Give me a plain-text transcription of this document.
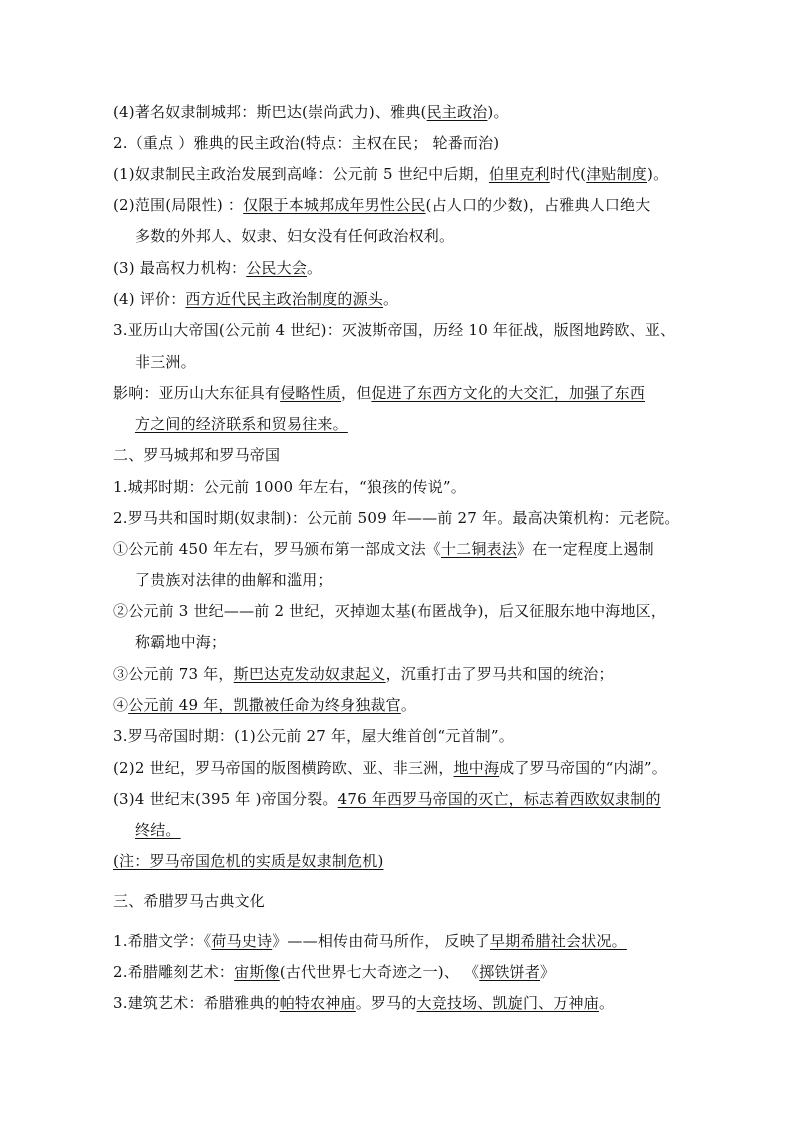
(4)著名奴隶制城邦：斯巴达(崇尚武力)、雅典(民主政治)。
2.（重点 ）雅典的民主政治(特点：主权在民； 轮番而治)
(1)奴隶制民主政治发展到高峰：公元前 5 世纪中后期，伯里克利时代(津贴制度)。
(2)范围(局限性) ：仅限于本城邦成年男性公民(占人口的少数)，占雅典人口绝大
多数的外邦人、奴隶、妇女没有任何政治权利。
(3) 最高权力机构：公民大会。
(4) 评价：西方近代民主政治制度的源头。
3.亚历山大帝国(公元前 4 世纪)：灭波斯帝国，历经 10 年征战，版图地跨欧、亚、
非三洲。
影响：亚历山大东征具有侵略性质，但促进了东西方文化的大交汇，加强了东西
方之间的经济联系和贸易往来。
二、罗马城邦和罗马帝国
1.城邦时期：公元前 1000 年左右，“狼孩的传说”。
2.罗马共和国时期(奴隶制)：公元前 509 年——前 27 年。最高决策机构：元老院。
①公元前 450 年左右，罗马颁布第一部成文法《十二铜表法》在一定程度上遏制
了贵族对法律的曲解和滥用；
②公元前 3 世纪——前 2 世纪，灭掉迦太基(布匿战争)，后又征服东地中海地区，
称霸地中海；
③公元前 73 年，斯巴达克发动奴隶起义，沉重打击了罗马共和国的统治；
④公元前 49 年，凯撒被任命为终身独裁官。
3.罗马帝国时期：(1)公元前 27 年，屋大维首创“元首制”。
(2)2 世纪，罗马帝国的版图横跨欧、亚、非三洲，地中海成了罗马帝国的“内湖”。
(3)4 世纪末(395 年 )帝国分裂。476 年西罗马帝国的灭亡，标志着西欧奴隶制的
终结。
(注：罗马帝国危机的实质是奴隶制危机)
三、希腊罗马古典文化
1.希腊文学：《荷马史诗》——相传由荷马所作， 反映了早期希腊社会状况。
2.希腊雕刻艺术：宙斯像(古代世界七大奇迹之一)、 《掷铁饼者》
3.建筑艺术：希腊雅典的帕特农神庙。罗马的大竞技场、凯旋门、万神庙。
